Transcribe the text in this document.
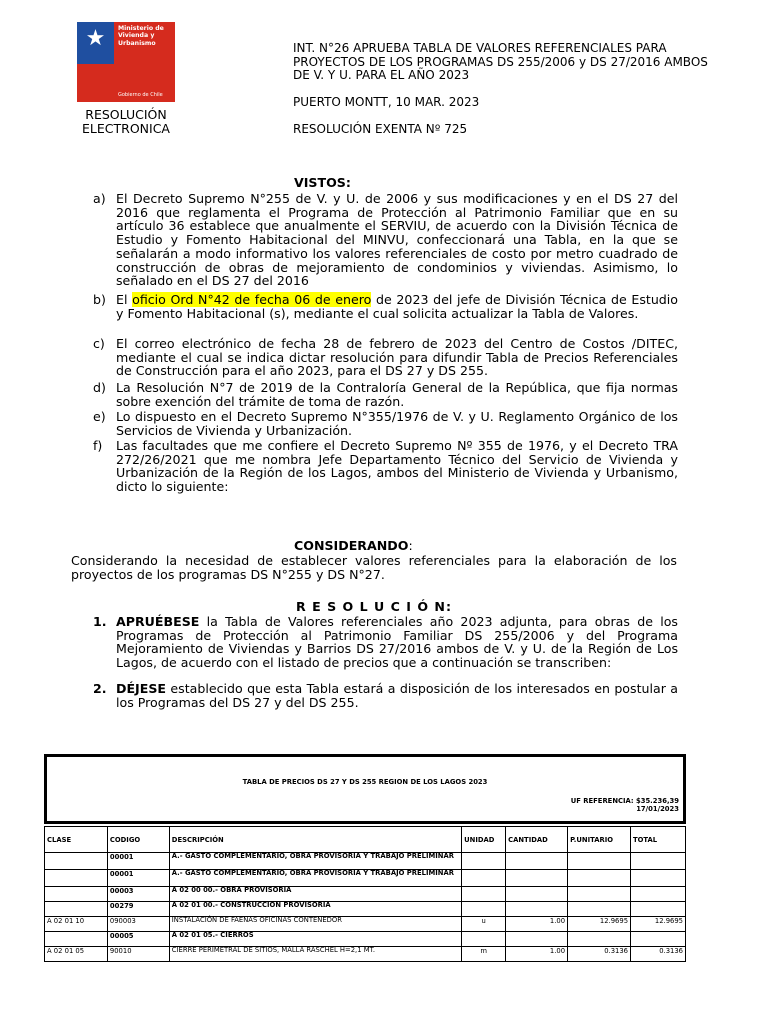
★ Ministerio de Vivienda y Urbanismo
Gobierno de Chile
RESOLUCIÓN ELECTRONICA
INT. N°26 APRUEBA TABLA DE VALORES REFERENCIALES PARA PROYECTOS DE LOS PROGRAMAS DS 255/2006 y DS 27/2016 AMBOS DE V. Y U. PARA EL AÑO 2023
PUERTO MONTT, 10 MAR. 2023
RESOLUCIÓN EXENTA Nº 725
VISTOS:
a) El Decreto Supremo N°255 de V. y U. de 2006 y sus modificaciones y en el DS 27 del 2016 que reglamenta el Programa de Protección al Patrimonio Familiar que en su artículo 36 establece que anualmente el SERVIU, de acuerdo con la División Técnica de Estudio y Fomento Habitacional del MINVU, confeccionará una Tabla, en la que se señalarán a modo informativo los valores referenciales de costo por metro cuadrado de construcción de obras de mejoramiento de condominios y viviendas. Asimismo, lo señalado en el DS 27 del 2016
b) El oficio Ord N°42 de fecha 06 de enero de 2023 del jefe de División Técnica de Estudio y Fomento Habitacional (s), mediante el cual solicita actualizar la Tabla de Valores.
c) El correo electrónico de fecha 28 de febrero de 2023 del Centro de Costos /DITEC, mediante el cual se indica dictar resolución para difundir Tabla de Precios Referenciales de Construcción para el año 2023, para el DS 27 y DS 255.
d) La Resolución N°7 de 2019 de la Contraloría General de la República, que fija normas sobre exención del trámite de toma de razón.
e) Lo dispuesto en el Decreto Supremo N°355/1976 de V. y U. Reglamento Orgánico de los Servicios de Vivienda y Urbanización.
f) Las facultades que me confiere el Decreto Supremo Nº 355 de 1976, y el Decreto TRA 272/26/2021 que me nombra Jefe Departamento Técnico del Servicio de Vivienda y Urbanización de la Región de los Lagos, ambos del Ministerio de Vivienda y Urbanismo, dicto lo siguiente:
CONSIDERANDO:
Considerando la necesidad de establecer valores referenciales para la elaboración de los proyectos de los programas DS N°255 y DS N°27.
R E S O L U C I Ó N:
1. APRUÉBESE la Tabla de Valores referenciales año 2023 adjunta, para obras de los Programas de Protección al Patrimonio Familiar DS 255/2006 y del Programa Mejoramiento de Viviendas y Barrios DS 27/2016 ambos de V. y U. de la Región de Los Lagos, de acuerdo con el listado de precios que a continuación se transcriben:
2. DÉJESE establecido que esta Tabla estará a disposición de los interesados en postular a los Programas del DS 27 y del DS 255.
TABLA DE PRECIOS DS 27 Y DS 255 REGION DE LOS LAGOS 2023
UF REFERENCIA: $35.236,39
17/01/2023
CLASE	CODIGO	DESCRIPCIÓN	UNIDAD	CANTIDAD	P.UNITARIO	TOTAL
	00001	A.- GASTO COMPLEMENTARIO, OBRA PROVISORIA Y TRABAJO PRELIMINAR				
	00001	A.- GASTO COMPLEMENTARIO, OBRA PROVISORIA Y TRABAJO PRELIMINAR				
	00003	A 02 00 00.- OBRA PROVISORIA				
	00279	A 02 01 00.- CONSTRUCCION PROVISORIA				
A 02 01 10	090003	INSTALACIÓN DE FAENAS OFICINAS CONTENEDOR	u	1.00	12.9695	12.9695
	00005	A 02 01 05.- CIERROS				
A 02 01 05	90010	CIERRE PERIMETRAL DE SITIOS, MALLA RASCHEL H=2,1 MT.	m	1.00	0.3136	0.3136
